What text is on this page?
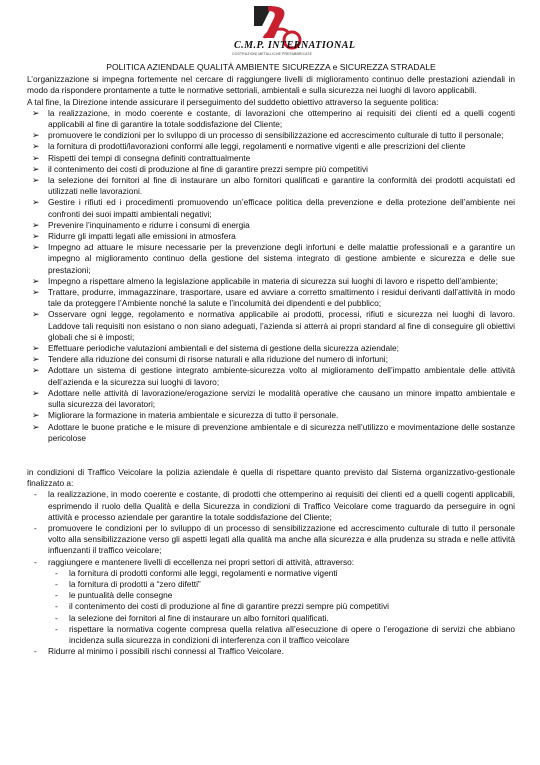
C.M.P. INTERNATIONAL
COSTRUZIONI METALLICHE PREFABBRICATE
POLITICA AZIENDALE QUALITÀ AMBIENTE SICUREZZA e SICUREZZA STRADALE

L’organizzazione si impegna fortemente nel cercare di raggiungere livelli di miglioramento continuo delle prestazioni aziendali in modo da rispondere prontamente a tutte le normative settoriali, ambientali e sulla sicurezza nei luoghi di lavoro applicabili.

A tal fine, la Direzione intende assicurare il perseguimento del suddetto obiettivo attraverso la seguente politica:

➢ la realizzazione, in modo coerente e costante, di lavorazioni che ottemperino ai requisiti dei clienti ed a quelli cogenti applicabili al fine di garantire la totale soddisfazione del Cliente;
➢ promuovere le condizioni per lo sviluppo di un processo di sensibilizzazione ed accrescimento culturale di tutto il personale;
➢ la fornitura di prodotti/lavorazioni conformi alle leggi, regolamenti e normative vigenti e alle prescrizioni del cliente
➢ Rispetti dei tempi di consegna definiti contrattualmente
➢ il contenimento dei costi di produzione al fine di garantire prezzi sempre più competitivi
➢ la selezione dei fornitori al fine di instaurare un albo fornitori qualificati e garantire la conformità dei prodotti acquistati ed utilizzati nelle lavorazioni.
➢ Gestire i rifiuti ed i procedimenti promuovendo un’efficace politica della prevenzione e della protezione dell’ambiente nei confronti dei suoi impatti ambientali negativi;
➢ Prevenire l’inquinamento e ridurre i consumi di energia
➢ Ridurre gli impatti legati alle emissioni in atmosfera
➢ Impegno ad attuare le misure necessarie per la prevenzione degli infortuni e delle malattie professionali e a garantire un impegno al miglioramento continuo della gestione del sistema integrato di gestione ambiente e sicurezza e delle sue prestazioni;
➢ Impegno a rispettare almeno la legislazione applicabile in materia di sicurezza sui luoghi di lavoro e rispetto dell’ambiente;
➢ Trattare, produrre, immagazzinare, trasportare, usare ed avviare a corretto smaltimento i residui derivanti dall’attività in modo tale da proteggere l’Ambiente nonché la salute e l’incolumità dei dipendenti e del pubblico;
➢ Osservare ogni legge, regolamento e normativa applicabile ai prodotti, processi, rifiuti e sicurezza nei luoghi di lavoro. Laddove tali requisiti non esistano o non siano adeguati, l’azienda si atterrà ai propri standard al fine di conseguire gli obiettivi globali che si è imposti;
➢ Effettuare periodiche valutazioni ambientali e del sistema di gestione della sicurezza aziendale;
➢ Tendere alla riduzione dei consumi di risorse naturali e alla riduzione del numero di infortuni;
➢ Adottare un sistema di gestione integrato ambiente-sicurezza volto al miglioramento dell’impatto ambientale delle attività dell’azienda e la sicurezza sui luoghi di lavoro;
➢ Adottare nelle attività di lavorazione/erogazione servizi le modalità operative che causano un minore impatto ambientale e sulla sicurezza dei lavoratori;
➢ Migliorare la formazione in materia ambientale e sicurezza di tutto il personale.
➢ Adottare le buone pratiche e le misure di prevenzione ambientale e di sicurezza nell’utilizzo e movimentazione delle sostanze pericolose

in condizioni di Traffico Veicolare la polizia aziendale è quella di rispettare quanto previsto dal Sistema organizzativo-gestionale finalizzato a:

- la realizzazione, in modo coerente e costante, di prodotti che ottemperino ai requisiti dei clienti ed a quelli cogenti applicabili, esprimendo il ruolo della Qualità e della Sicurezza in condizioni di Traffico Veicolare come traguardo da perseguire in ogni attività e processo aziendale per garantire la totale soddisfazione del Cliente;
- promuovere le condizioni per lo sviluppo di un processo di sensibilizzazione ed accrescimento culturale di tutto il personale volto alla sensibilizzazione verso gli aspetti legati alla qualità ma anche alla sicurezza e alla prudenza su strada e nelle attività influenzanti il traffico veicolare;
- raggiungere e mantenere livelli di eccellenza nei propri settori di attività, attraverso:
- la fornitura di prodotti conformi alle leggi, regolamenti e normative vigenti
- la fornitura di prodotti a “zero difetti”
- le puntualità delle consegne
- il contenimento dei costi di produzione al fine di garantire prezzi sempre più competitivi
- la selezione dei fornitori al fine di instaurare un albo fornitori qualificati.
- rispettare la normativa cogente compresa quella relativa all’esecuzione di opere o l’erogazione di servizi che abbiano incidenza sulla sicurezza in condizioni di interferenza con il traffico veicolare
- Ridurre al minimo i possibili rischi connessi al Traffico Veicolare.
